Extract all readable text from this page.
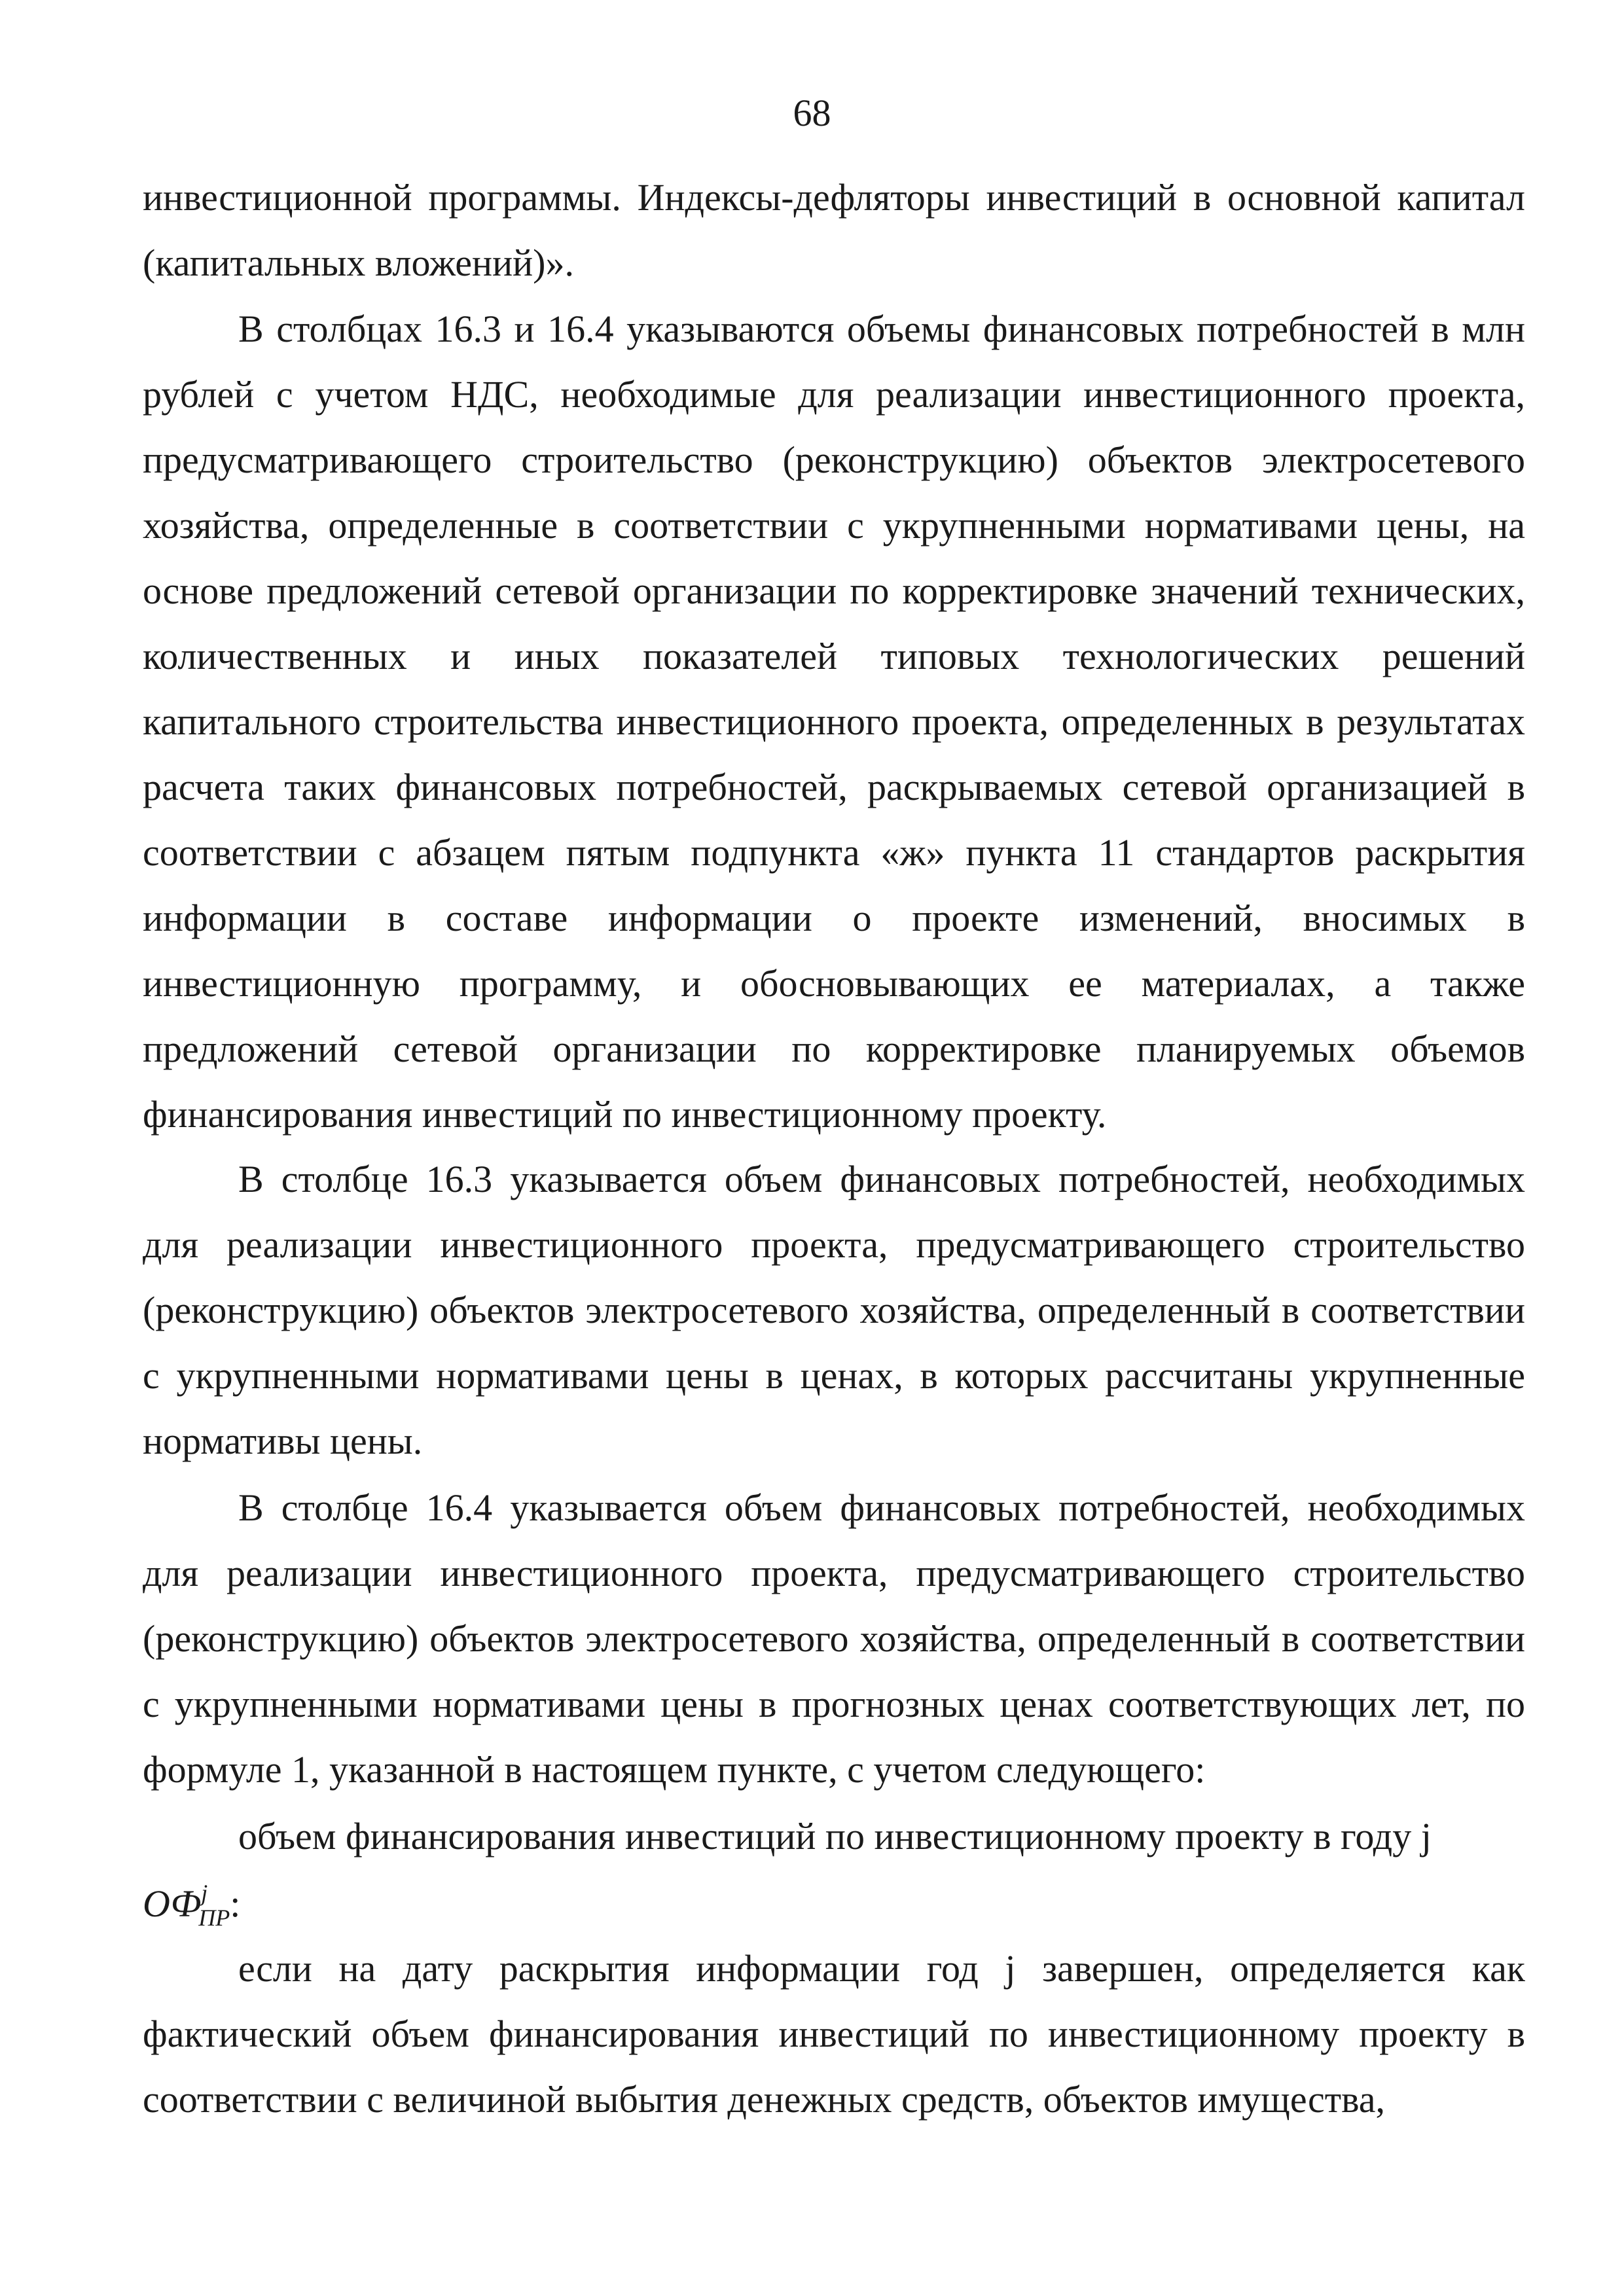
68

инвестиционной программы. Индексы-дефляторы инвестиций в основной капитал (капитальных вложений)».

В столбцах 16.3 и 16.4 указываются объемы финансовых потребностей в млн рублей с учетом НДС, необходимые для реализации инвестиционного проекта, предусматривающего строительство (реконструкцию) объектов электросетевого хозяйства, определенные в соответствии с укрупненными нормативами цены, на основе предложений сетевой организации по корректировке значений технических, количественных и иных показателей типовых технологических решений капитального строительства инвестиционного проекта, определенных в результатах расчета таких финансовых потребностей, раскрываемых сетевой организацией в соответствии с абзацем пятым подпункта «ж» пункта 11 стандартов раскрытия информации в составе информации о проекте изменений, вносимых в инвестиционную программу, и обосновывающих ее материалах, а также предложений сетевой организации по корректировке планируемых объемов финансирования инвестиций по инвестиционному проекту.

В столбце 16.3 указывается объем финансовых потребностей, необходимых для реализации инвестиционного проекта, предусматривающего строительство (реконструкцию) объектов электросетевого хозяйства, определенный в соответствии с укрупненными нормативами цены в ценах, в которых рассчитаны укрупненные нормативы цены.

В столбце 16.4 указывается объем финансовых потребностей, необходимых для реализации инвестиционного проекта, предусматривающего строительство (реконструкцию) объектов электросетевого хозяйства, определенный в соответствии с укрупненными нормативами цены в прогнозных ценах соответствующих лет, по формуле 1, указанной в настоящем пункте, с учетом следующего:

объем финансирования инвестиций по инвестиционному проекту в году j

$ОФ^j_{ПР}$:

если на дату раскрытия информации год j завершен, определяется как фактический объем финансирования инвестиций по инвестиционному проекту в соответствии с величиной выбытия денежных средств, объектов имущества,
